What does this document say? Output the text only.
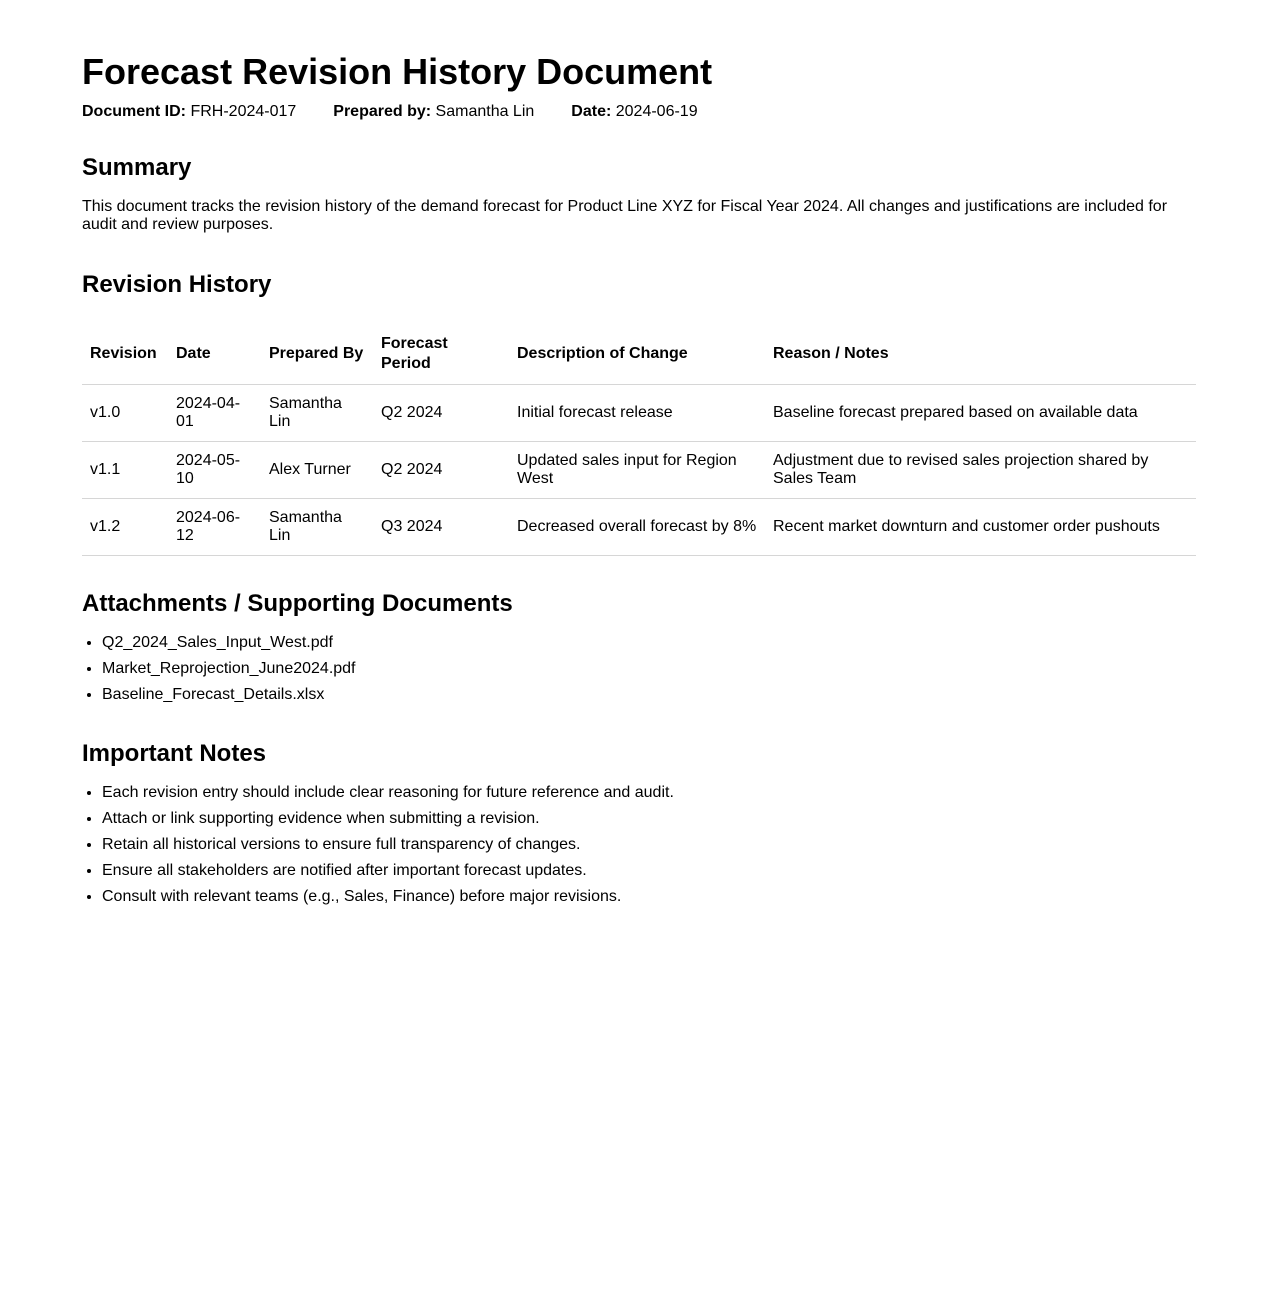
Forecast Revision History Document
Document ID: FRH-2024-017 Prepared by: Samantha Lin Date: 2024-06-19
Summary
This document tracks the revision history of the demand forecast for Product Line XYZ for Fiscal Year 2024. All changes and justifications are included for audit and review purposes.
Revision History
Revision	Date	Prepared By	Forecast Period	Description of Change	Reason / Notes
v1.0	2024-04-01	Samantha Lin	Q2 2024	Initial forecast release	Baseline forecast prepared based on available data
v1.1	2024-05-10	Alex Turner	Q2 2024	Updated sales input for Region West	Adjustment due to revised sales projection shared by Sales Team
v1.2	2024-06-12	Samantha Lin	Q3 2024	Decreased overall forecast by 8%	Recent market downturn and customer order pushouts
Attachments / Supporting Documents
• Q2_2024_Sales_Input_West.pdf
• Market_Reprojection_June2024.pdf
• Baseline_Forecast_Details.xlsx
Important Notes
• Each revision entry should include clear reasoning for future reference and audit.
• Attach or link supporting evidence when submitting a revision.
• Retain all historical versions to ensure full transparency of changes.
• Ensure all stakeholders are notified after important forecast updates.
• Consult with relevant teams (e.g., Sales, Finance) before major revisions.
